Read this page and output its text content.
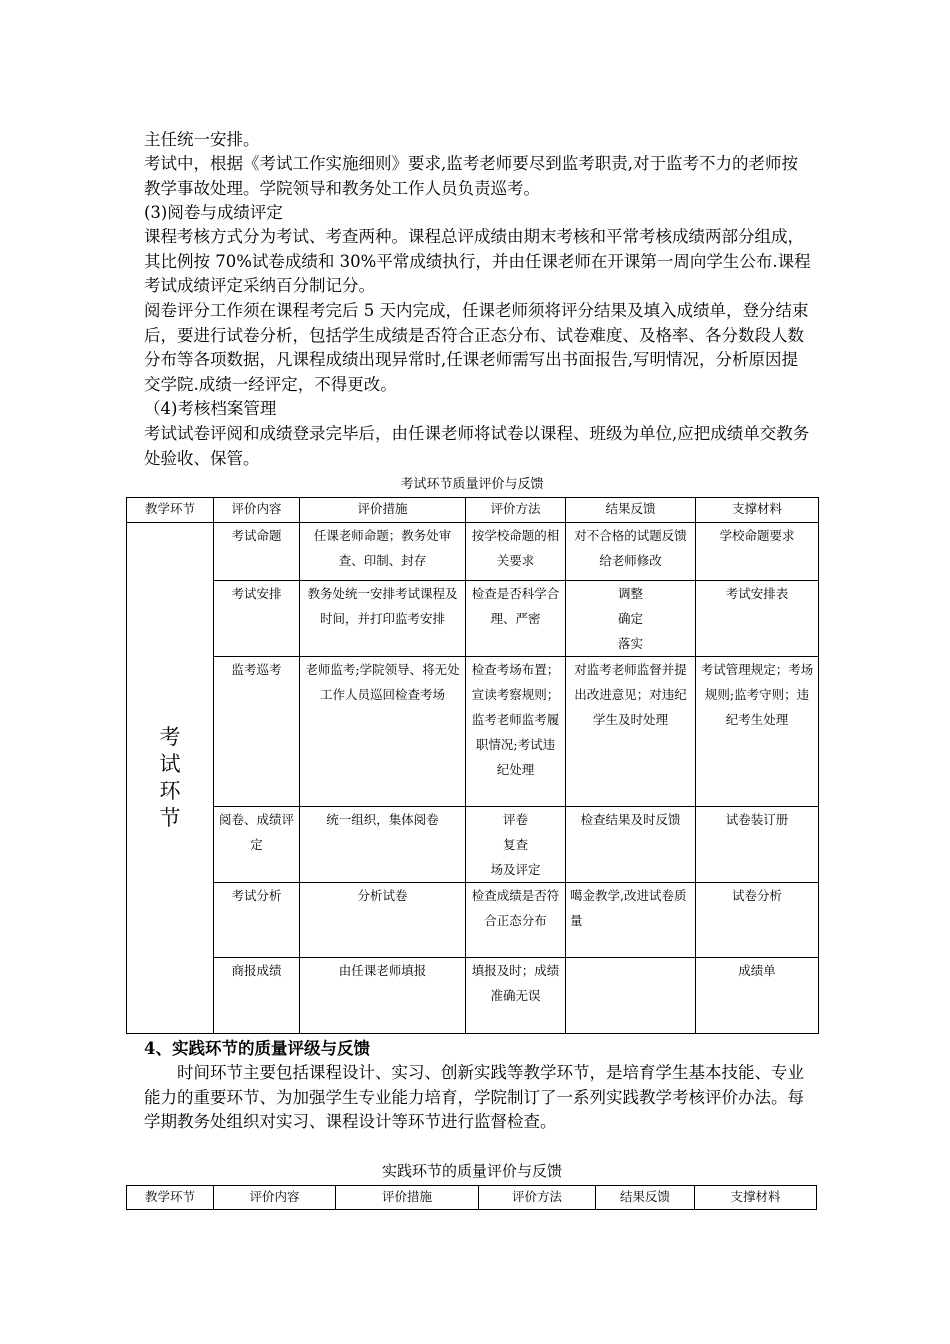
主任统一安排。

考试中，根据《考试工作实施细则》要求,监考老师要尽到监考职责,对于监考不力的老师按教学事故处理。学院领导和教务处工作人员负责巡考。

(3)阅卷与成绩评定

课程考核方式分为考试、考查两种。课程总评成绩由期末考核和平常考核成绩两部分组成，其比例按 70%试卷成绩和 30%平常成绩执行，并由任课老师在开课第一周向学生公布.课程考试成绩评定采纳百分制记分。

阅卷评分工作须在课程考完后 5 天内完成，任课老师须将评分结果及填入成绩单，登分结束后，要进行试卷分析，包括学生成绩是否符合正态分布、试卷难度、及格率、各分数段人数分布等各项数据，凡课程成绩出现异常时,任课老师需写出书面报告,写明情况，分析原因提交学院.成绩一经评定，不得更改。

（4)考核档案管理

考试试卷评阅和成绩登录完毕后，由任课老师将试卷以课程、班级为单位,应把成绩单交教务处验收、保管。

考试环节质量评价与反馈
教学环节	评价内容	评价措施	评价方法	结果反馈	支撑材料

考试环节	考试命题	任课老师命题；教务处审查、印制、封存	按学校命题的相关要求	对不合格的试题反馈给老师修改	学校命题要求
	考试安排	教务处统一安排考试课程及时间，并打印监考安排	检查是否科学合理、严密	调整
确定
落实	考试安排表
	监考巡考	老师监考;学院领导、将无处工作人员巡回检查考场	检查考场布置；宣读考察规则；监考老师监考履职情况;考试违纪处理	对监考老师监督并提出改进意见；对违纪学生及时处理	考试管理规定；考场规则;监考守则；违纪考生处理
	阅卷、成绩评定	统一组织，集体阅卷	评卷
复查
场及评定	检查结果及时反馈	试卷装订册
	考试分析	分析试卷	检查成绩是否符合正态分布	噶金教学,改进试卷质量	试卷分析
	商报成绩	由任课老师填报	填报及时；成绩准确无误		成绩单

4、实践环节的质量评级与反馈

时间环节主要包括课程设计、实习、创新实践等教学环节，是培育学生基本技能、专业能力的重要环节、为加强学生专业能力培育，学院制订了一系列实践教学考核评价办法。每学期教务处组织对实习、课程设计等环节进行监督检查。

实践环节的质量评价与反馈
教学环节	评价内容	评价措施	评价方法	结果反馈	支撑材料
